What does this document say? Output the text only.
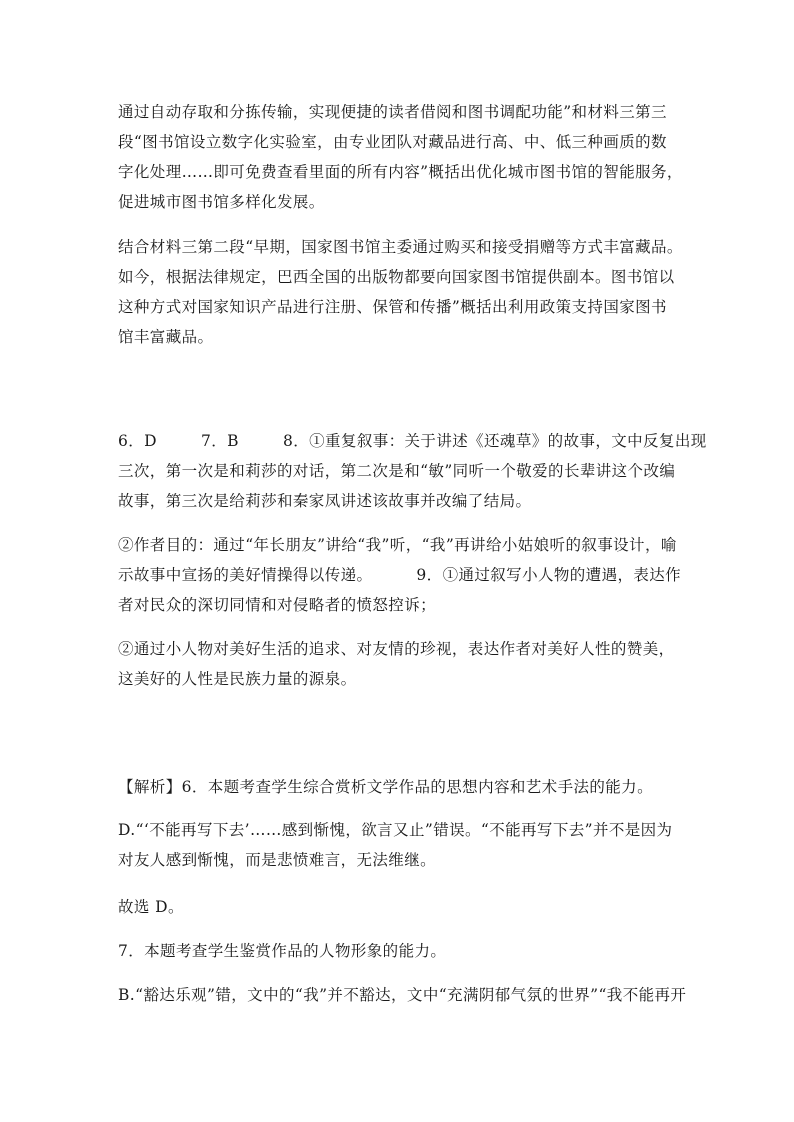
通过自动存取和分拣传输，实现便捷的读者借阅和图书调配功能”和材料三第三
段“图书馆设立数字化实验室，由专业团队对藏品进行高、中、低三种画质的数
字化处理……即可免费查看里面的所有内容”概括出优化城市图书馆的智能服务，
促进城市图书馆多样化发展。
结合材料三第二段“早期，国家图书馆主委通过购买和接受捐赠等方式丰富藏品。
如今，根据法律规定，巴西全国的出版物都要向国家图书馆提供副本。图书馆以
这种方式对国家知识产品进行注册、保管和传播”概括出利用政策支持国家图书
馆丰富藏品。
6．D	7．B	8．①重复叙事：关于讲述《还魂草》的故事，文中反复出现
三次，第一次是和莉莎的对话，第二次是和“敏”同听一个敬爱的长辈讲这个改编
故事，第三次是给莉莎和秦家凤讲述该故事并改编了结局。
②作者目的：通过“年长朋友”讲给“我”听，“我”再讲给小姑娘听的叙事设计，喻
示故事中宣扬的美好情操得以传递。	9．①通过叙写小人物的遭遇，表达作
者对民众的深切同情和对侵略者的愤怒控诉；
②通过小人物对美好生活的追求、对友情的珍视，表达作者对美好人性的赞美，
这美好的人性是民族力量的源泉。
【解析】6．本题考查学生综合赏析文学作品的思想内容和艺术手法的能力。
D.“‘不能再写下去’……感到惭愧，欲言又止”错误。“不能再写下去”并不是因为
对友人感到惭愧，而是悲愤难言，无法维继。
故选 D。
7．本题考查学生鉴赏作品的人物形象的能力。
B.“豁达乐观”错，文中的“我”并不豁达，文中“充满阴郁气氛的世界”“我不能再开
